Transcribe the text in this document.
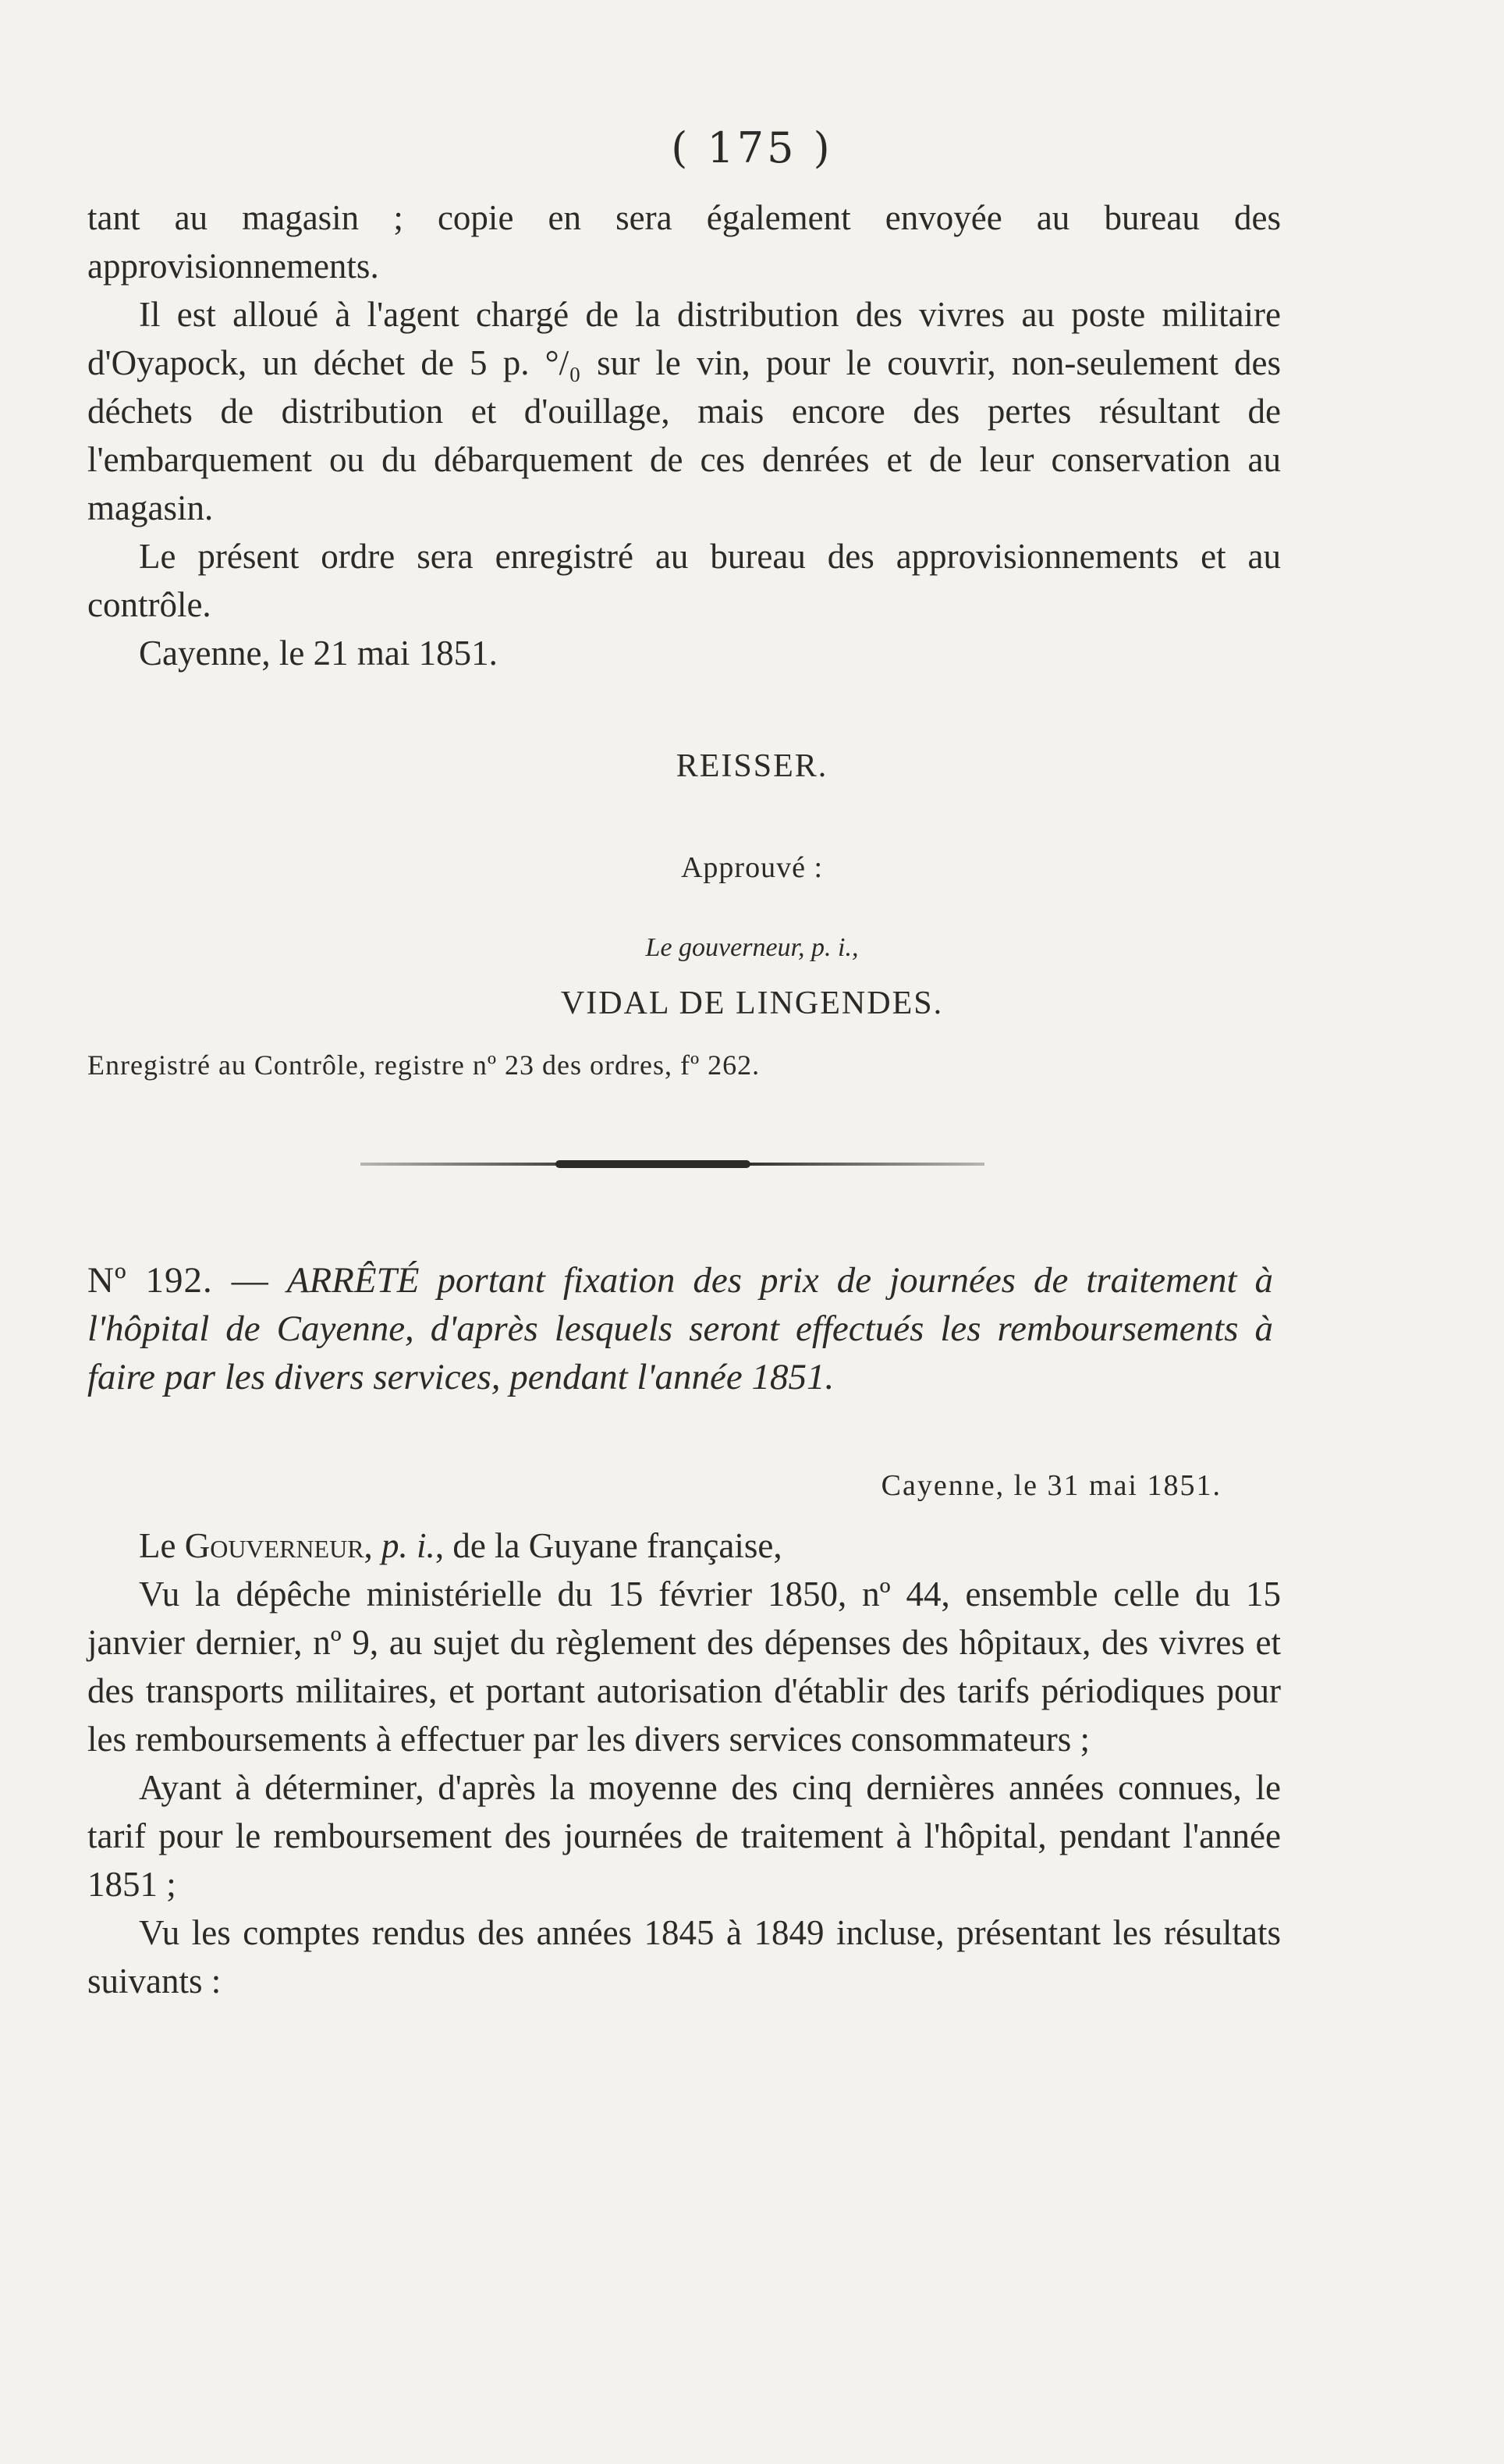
( 175 )

tant au magasin ; copie en sera également envoyée au bureau des approvisionnements.

Il est alloué à l'agent chargé de la distribution des vivres au poste militaire d'Oyapock, un déchet de 5 p. °/₀ sur le vin, pour le couvrir, non-seulement des déchets de distribution et d'ouillage, mais encore des pertes résultant de l'embarquement ou du débarquement de ces denrées et de leur conservation au magasin.

Le présent ordre sera enregistré au bureau des approvisionnements et au contrôle.

Cayenne, le 21 mai 1851.

REISSER.
Approuvé :
Le gouverneur, p. i.,
VIDAL DE LINGENDES.
Enregistré au Contrôle, registre nº 23 des ordres, fº 262.
Nº 192. — ARRÊTÉ portant fixation des prix de journées de traitement à l'hôpital de Cayenne, d'après lesquels seront effectués les remboursements à faire par les divers services, pendant l'année 1851.
Cayenne, le 31 mai 1851.

Le Gouverneur, p. i., de la Guyane française,

Vu la dépêche ministérielle du 15 février 1850, nº 44, ensemble celle du 15 janvier dernier, nº 9, au sujet du règlement des dépenses des hôpitaux, des vivres et des transports militaires, et portant autorisation d'établir des tarifs périodiques pour les remboursements à effectuer par les divers services consommateurs ;

Ayant à déterminer, d'après la moyenne des cinq dernières années connues, le tarif pour le remboursement des journées de traitement à l'hôpital, pendant l'année 1851 ;

Vu les comptes rendus des années 1845 à 1849 incluse, présentant les résultats suivants :
